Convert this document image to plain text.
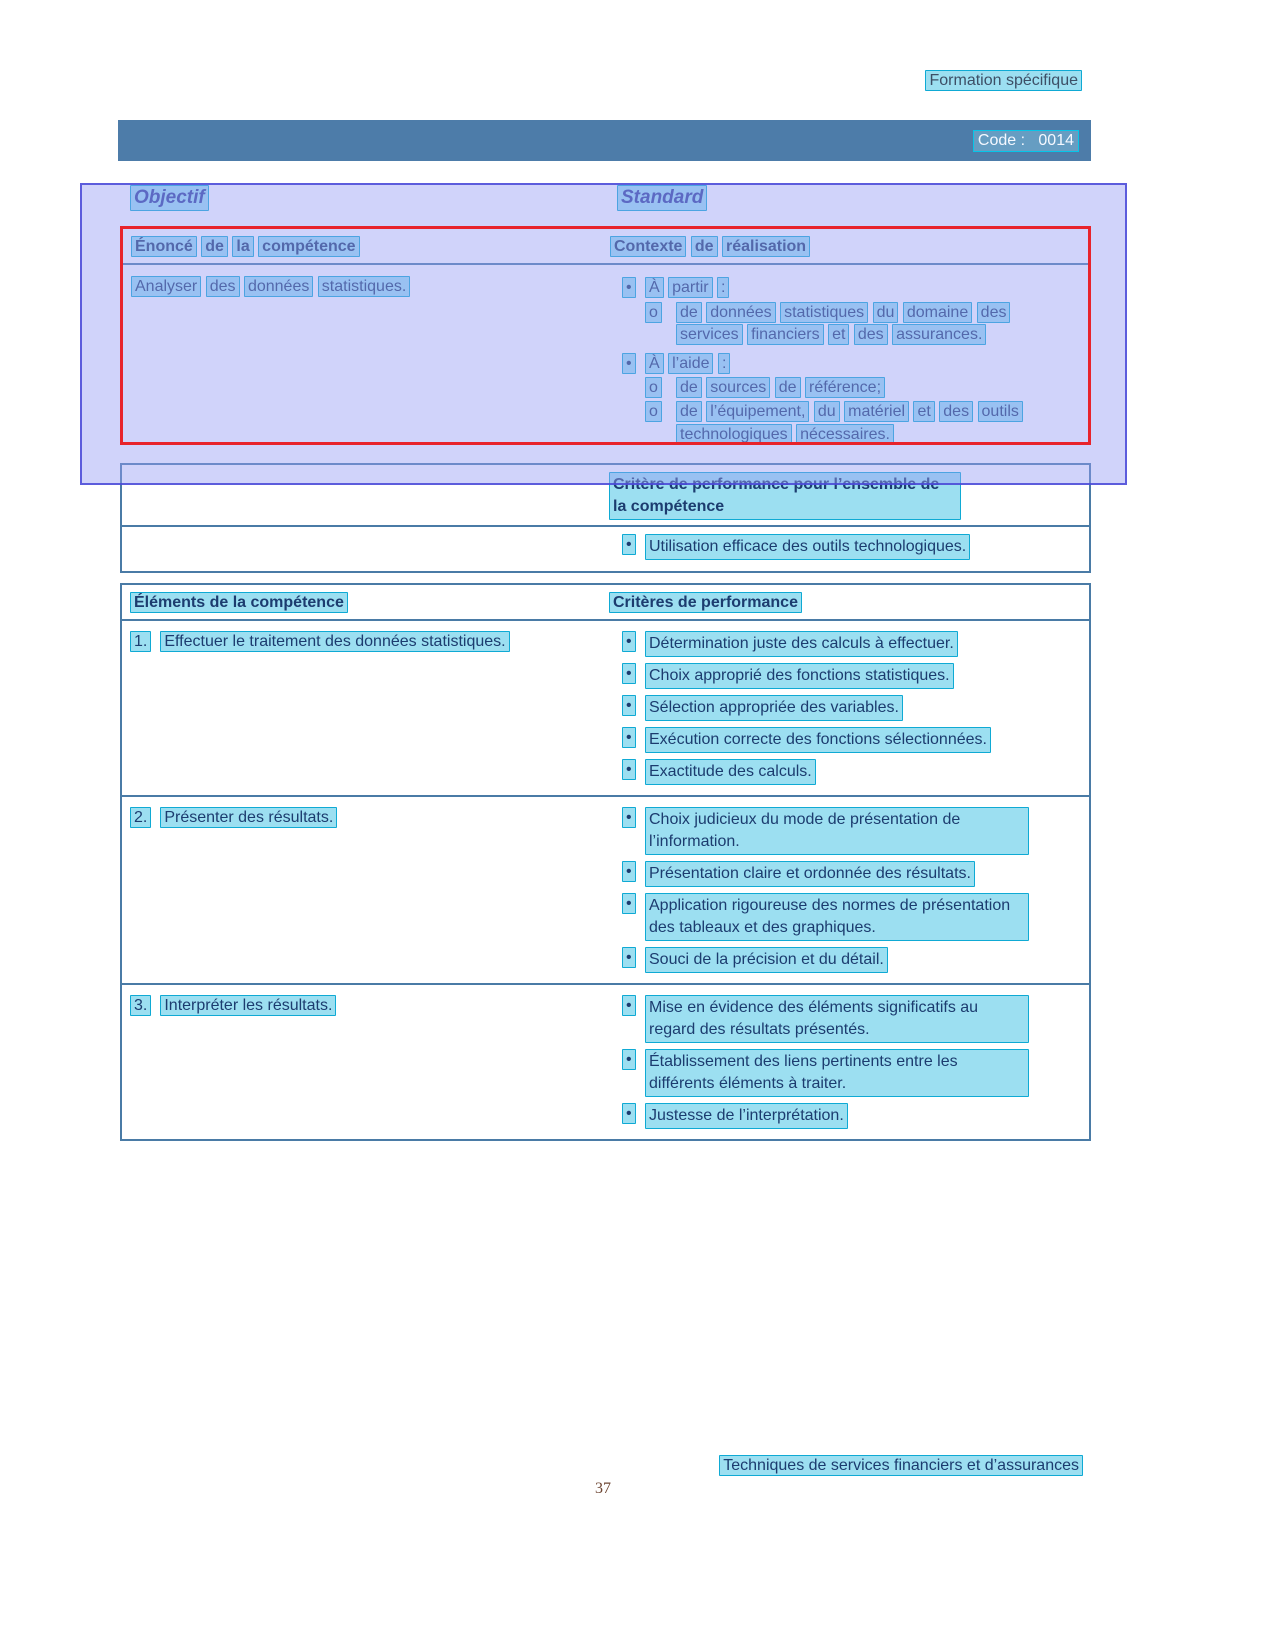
Formation spécifique
Code :   0014
Objectif	Standard
Énoncé de la compétence	Contexte de réalisation
Analyser des données statistiques.	•	À partir :
o	de données statistiques du domaine des services financiers et des assurances.
•	À l’aide :
o	de sources de référence;
o	de l’équipement, du matériel et des outils technologiques nécessaires.
Critère de performance pour l’ensemble de la compétence
•	Utilisation efficace des outils technologiques.
Éléments de la compétence	Critères de performance
1. Effectuer le traitement des données statistiques.	•	Détermination juste des calculs à effectuer.
•	Choix approprié des fonctions statistiques.
•	Sélection appropriée des variables.
•	Exécution correcte des fonctions sélectionnées.
•	Exactitude des calculs.
2. Présenter des résultats.	•	Choix judicieux du mode de présentation de l’information.
•	Présentation claire et ordonnée des résultats.
•	Application rigoureuse des normes de présentation des tableaux et des graphiques.
•	Souci de la précision et du détail.
3. Interpréter les résultats.	•	Mise en évidence des éléments significatifs au regard des résultats présentés.
•	Établissement des liens pertinents entre les différents éléments à traiter.
•	Justesse de l’interprétation.
Techniques de services financiers et d’assurances
37
